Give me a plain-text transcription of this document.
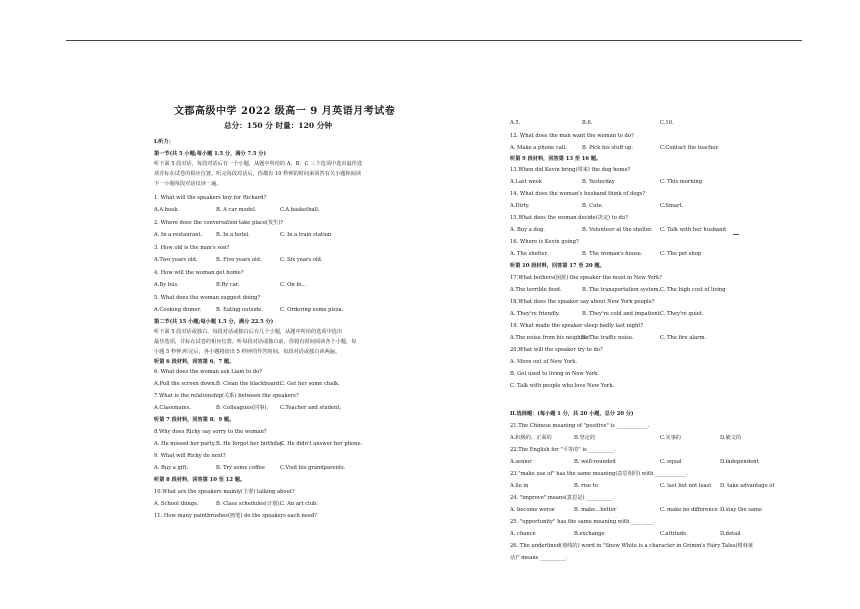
文郡高级中学 2022 级高一 9 月英语月考试卷
总分：150 分 时量：120 分钟
I.听力：
第一节(共 5 小题;每小题 1.5 分，满分 7.5 分)
听下面 5 段对话，每段对话后有一个小题，从题中所给的 A、B、C 三个选项中选出最佳选
项并标在试卷的相应位置。听完每段对话后，你都有 10 秒钟的时间来回答有关小题和阅读
下一小题每段对话仅读一遍。
1. What will the speakers buy for Richard?
A.A book.	B. A car model.	C.A basketball.
2. Where does the conversation take place(发生)?
A. In a restaurant.	B. In a hotel.	C. In a train station
3. How old is the man's son?
A.Two years old.	B. Five years old.	C. Six years old.
4. How will the woman get home?
A.By bus.	B.By car.	C. On fo...
5. What does the woman suggest doing?
A.Cooking dinner.	B. Eating outside.	C. Ordering some pizza.
第二节(共 15 小题;每小题 1.5 分，满分 22.5 分)
听下面 5 段对话或独白。每段对话或独白后有几个小题，从题中所给的选项中选出
最佳选项，并标在试卷的相应位置。听每段对话或独白前，你将有时间阅读各个小题，每
小题 5 秒钟;听完后，各小题将给出 5 秒钟的作答时间。每段对话或独白读两遍。
听第 6 段材料，回答第 6、7 题。
6. What does the woman ask Liam to do?
A.Pull the screen down. B. Clean the blackboard.
C. Get her some chalk.
7.What is the relationship(关系) between the speakers?
A.Classmates.	B. Colleagues(同事). C.Teacher and student.
听第 7 段材料，回答第 8、9 题。
8.Why does Ricky say sorry to the woman?
A. He missed her party. B. He forgot her birthday.
C. He didn't answer her phone.
9. What will Ricky do next?
A. Buy a gift.	B. Try some coffee	C.Visit his grandparents.
听第 8 段材料，回答第 10 至 12 题。
10.What are the speakers mainly(主要) talking about?
A. School things.	B. Class schedules(计划). C. An art club.
11. How many paintbrushes(画笔) do the speakers each need?
A.5.	B.6.	C.10.
12. What does the man want the woman to do?
A. Make a phone call.	B. Pick his stuff up.	C.Contact the teacher.
听第 9 段材料，回答第 13 至 16 题。
13.When did Kevin bring(带来) the dog home?
A.Last week	B. Yesterday	C. This morning
14. What does the woman's husband think of dogs?
A.Dirty.	B. Cute.	C.Smart.
15.What does the woman decide(决定) to do?
A. Buy a dog.	B. Volunteer at the shelter. C. Talk with her husband
16. Where is Kevin going?
A. The shelter.	B. The woman's house.	C. The pet shop
听第 10 段材料，回答第 17 至 20 题。
17.What bothers(困扰) the speaker the most in New York?
A.The terrible food.	B. The transportation system. C. The high cost of living
18.What does the speaker say about New York people?
A. They're friendly.	B. They're cold and impatient C. They're quiet.
19. What made the speaker sleep badly last night?
A.The noise from his neighbor.
B. The traffic noise.	C. The fire alarm.
20.What will the speaker try to do?
A. Move out of New York.
B. Get used to living in New York.
C. Talk with people who love New York.
II.选择题：(每小题 1 分，共 20 小题，总分 20 分)
21.The Chinese meaning of "positive" is ____________.
A.积极的、正面的	B.坚定的	C.实事的	D.敏文的
22.The English for "平等的" is __________.
A.senior	B. well-rounded	C. equal	D.independent
23."make use of" has the same meaning(意思相同) with ____________.
A.lie in	B. rise to	C. last but not least D. take advantage of
24. "improve" means(意思是) __________.
A. become worse	B. make...better	C. make no difference D.stay the same
25. "opportunity" has the same meaning with ____ ____.
A. chance	B.exchange	C.attitude	D.detail
26. The underlined(划线的) word in "Snow White is a character in Grimm's Fairy Tales(格林童
话)" means __________.
